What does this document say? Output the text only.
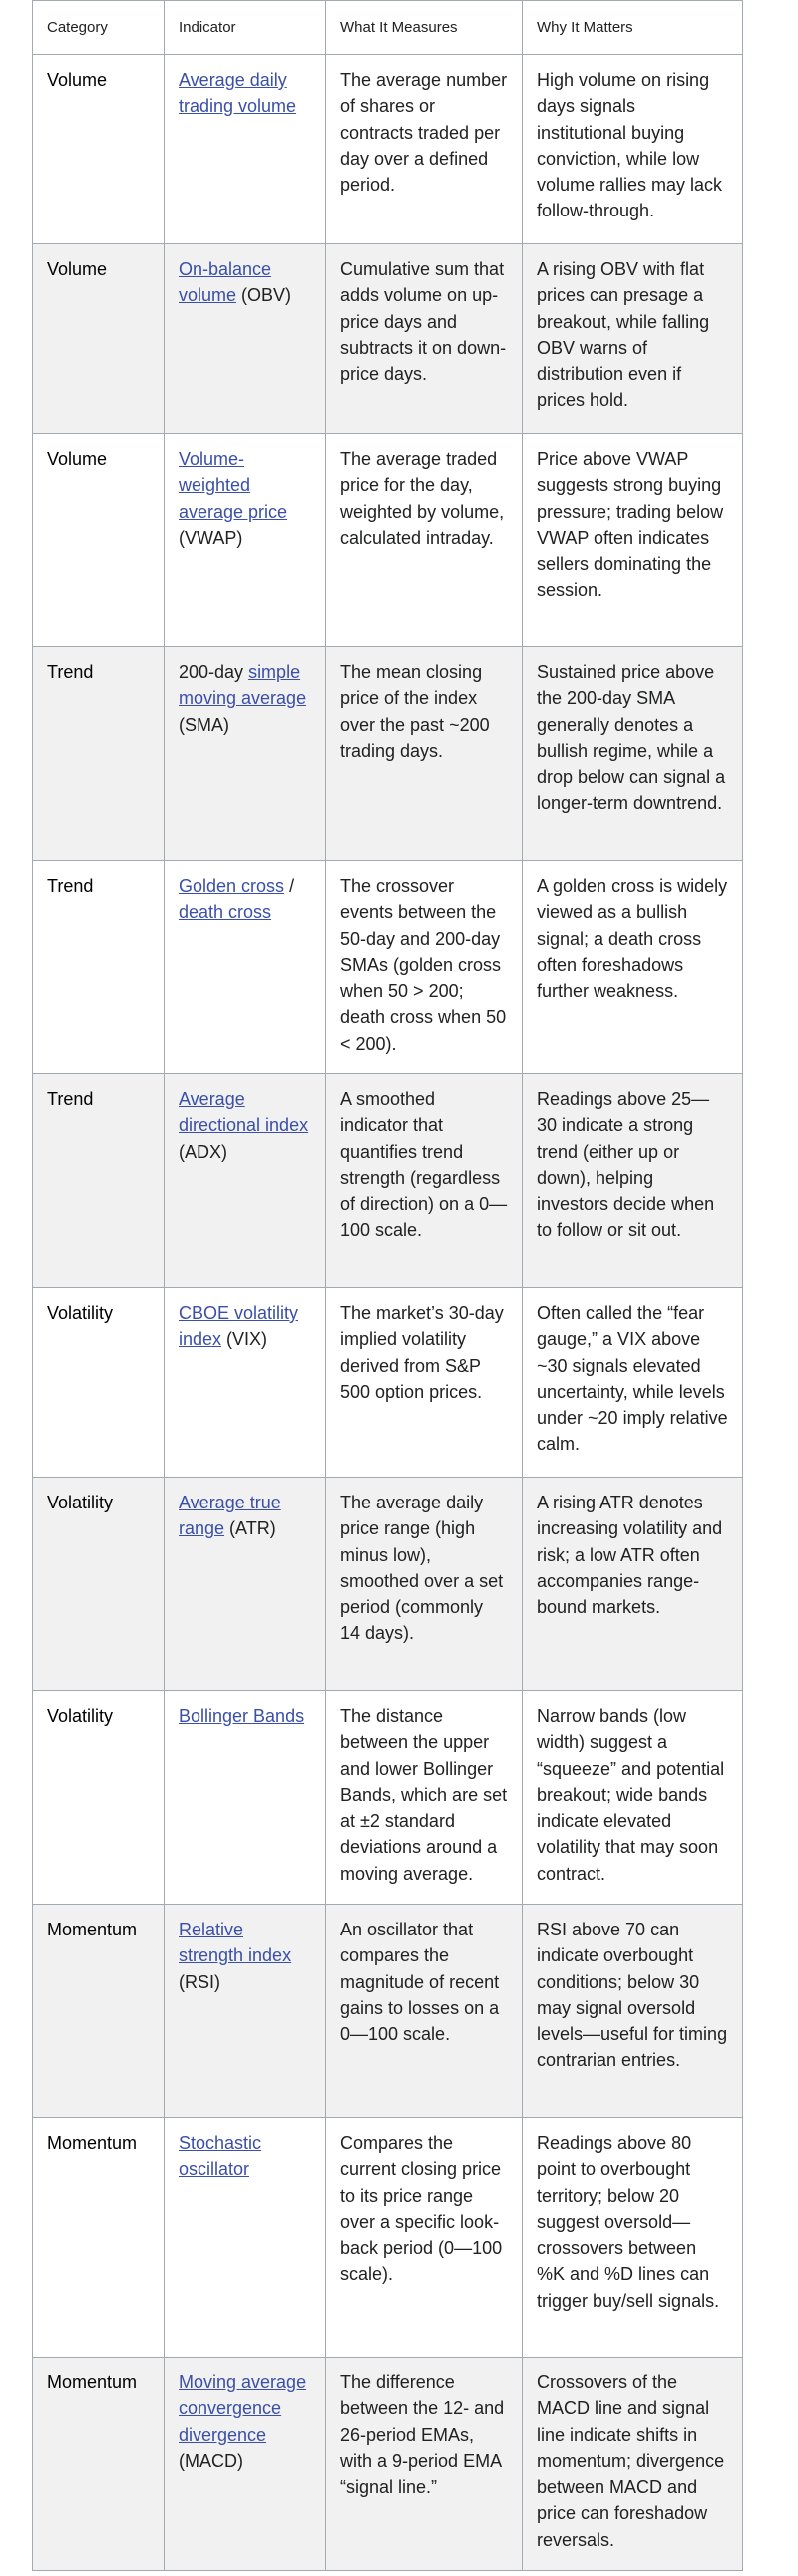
Category	Indicator	What It Measures	Why It Matters
Volume	Average daily trading volume	The average number of shares or contracts traded per day over a defined period.	High volume on rising days signals institutional buying conviction, while low volume rallies may lack follow-through.
Volume	On-balance volume (OBV)	Cumulative sum that adds volume on up-price days and subtracts it on down-price days.	A rising OBV with flat prices can presage a breakout, while falling OBV warns of distribution even if prices hold.
Volume	Volume-weighted average price (VWAP)	The average traded price for the day, weighted by volume, calculated intraday.	Price above VWAP suggests strong buying pressure; trading below VWAP often indicates sellers dominating the session.
Trend	200-day simple moving average (SMA)	The mean closing price of the index over the past ~200 trading days.	Sustained price above the 200-day SMA generally denotes a bullish regime, while a drop below can signal a longer-term downtrend.
Trend	Golden cross / death cross	The crossover events between the 50-day and 200-day SMAs (golden cross when 50 > 200; death cross when 50 < 200).	A golden cross is widely viewed as a bullish signal; a death cross often foreshadows further weakness.
Trend	Average directional index (ADX)	A smoothed indicator that quantifies trend strength (regardless of direction) on a 0—100 scale.	Readings above 25—30 indicate a strong trend (either up or down), helping investors decide when to follow or sit out.
Volatility	CBOE volatility index (VIX)	The market’s 30-day implied volatility derived from S&P 500 option prices.	Often called the “fear gauge,” a VIX above ~30 signals elevated uncertainty, while levels under ~20 imply relative calm.
Volatility	Average true range (ATR)	The average daily price range (high minus low), smoothed over a set period (commonly 14 days).	A rising ATR denotes increasing volatility and risk; a low ATR often accompanies range-bound markets.
Volatility	Bollinger Bands	The distance between the upper and lower Bollinger Bands, which are set at ±2 standard deviations around a moving average.	Narrow bands (low width) suggest a “squeeze” and potential breakout; wide bands indicate elevated volatility that may soon contract.
Momentum	Relative strength index (RSI)	An oscillator that compares the magnitude of recent gains to losses on a 0—100 scale.	RSI above 70 can indicate overbought conditions; below 30 may signal oversold levels—useful for timing contrarian entries.
Momentum	Stochastic oscillator	Compares the current closing price to its price range over a specific look-back period (0—100 scale).	Readings above 80 point to overbought territory; below 20 suggest oversold—crossovers between %K and %D lines can trigger buy/sell signals.
Momentum	Moving average convergence divergence (MACD)	The difference between the 12- and 26-period EMAs, with a 9-period EMA “signal line.”	Crossovers of the MACD line and signal line indicate shifts in momentum; divergence between MACD and price can foreshadow reversals.
